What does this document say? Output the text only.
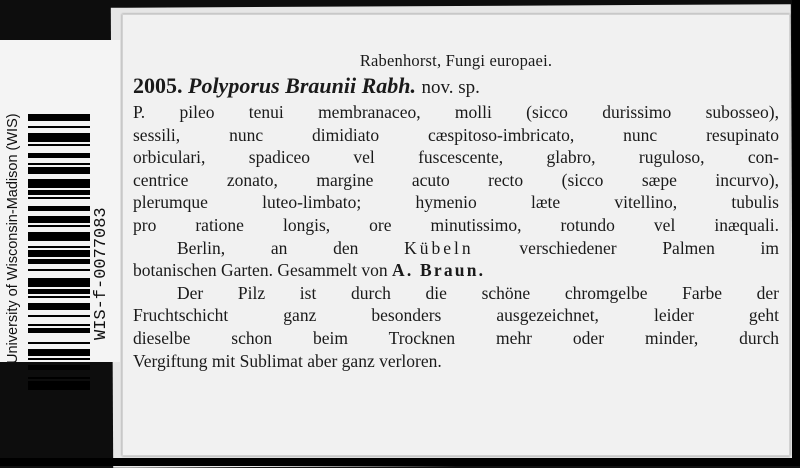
Rabenhorst, Fungi europaei.
2005. Polyporus Braunii Rabh. nov. sp.
P. pileo tenui membranaceo, molli (sicco durissimo subosseo),
sessili, nunc dimidiato cæspitoso-imbricato, nunc resupinato
orbiculari, spadiceo vel fuscescente, glabro, ruguloso, con-
centrice zonato, margine acuto recto (sicco sæpe incurvo),
plerumque luteo-limbato; hymenio læte vitellino, tubulis
pro ratione longis, ore minutissimo, rotundo vel inæquali.
Berlin, an den	Kübeln	verschiedener Palmen im
botanischen Garten. Gesammelt von A. Braun.
Der Pilz ist durch die schöne chromgelbe Farbe der
Fruchtschicht ganz besonders ausgezeichnet, leider geht
dieselbe schon beim Trocknen mehr oder minder, durch
Vergiftung mit Sublimat aber ganz verloren.
University of Wisconsin-Madison (WIS)	WIS-f-0077083
